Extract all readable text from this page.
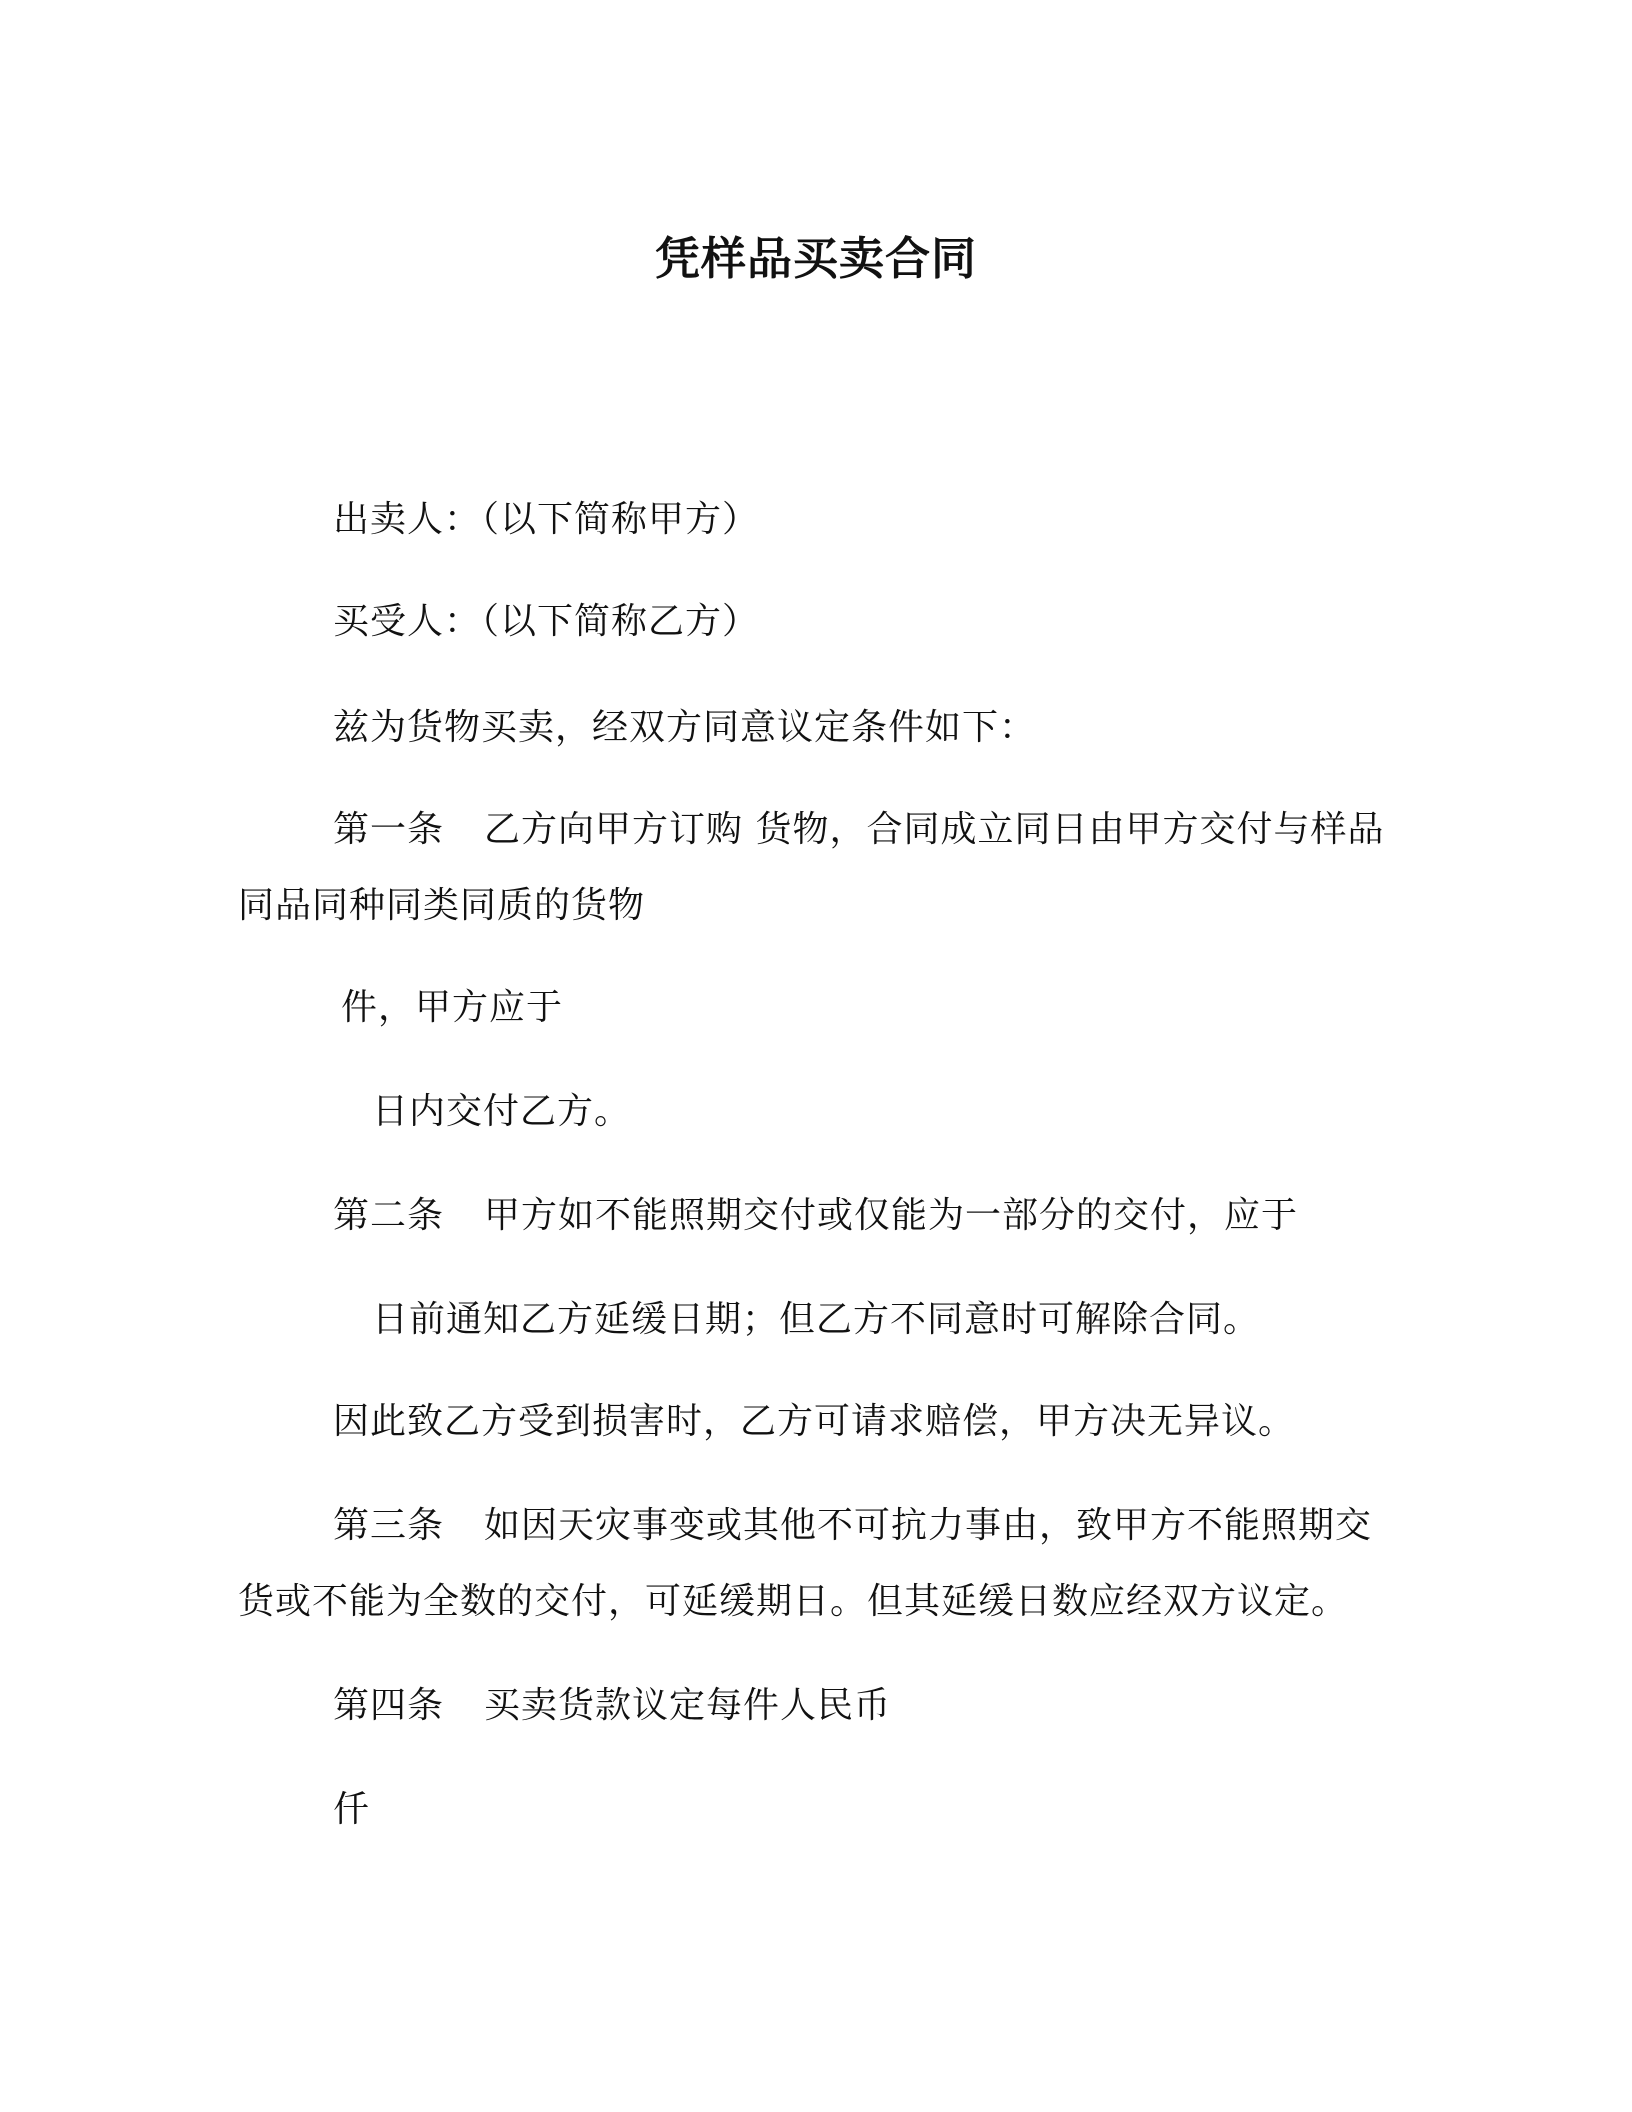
凭样品买卖合同
出卖人：（以下简称甲方）
买受人：（以下简称乙方）
兹为货物买卖，经双方同意议定条件如下：
第一条 乙方向甲方订购 货物，合同成立同日由甲方交付与样品
同品同种同类同质的货物
件，甲方应于
日内交付乙方。
第二条 甲方如不能照期交付或仅能为一部分的交付，应于
日前通知乙方延缓日期；但乙方不同意时可解除合同。
因此致乙方受到损害时，乙方可请求赔偿，甲方决无异议。
第三条 如因天灾事变或其他不可抗力事由，致甲方不能照期交
货或不能为全数的交付，可延缓期日。但其延缓日数应经双方议定。
第四条 买卖货款议定每件人民币
仟
